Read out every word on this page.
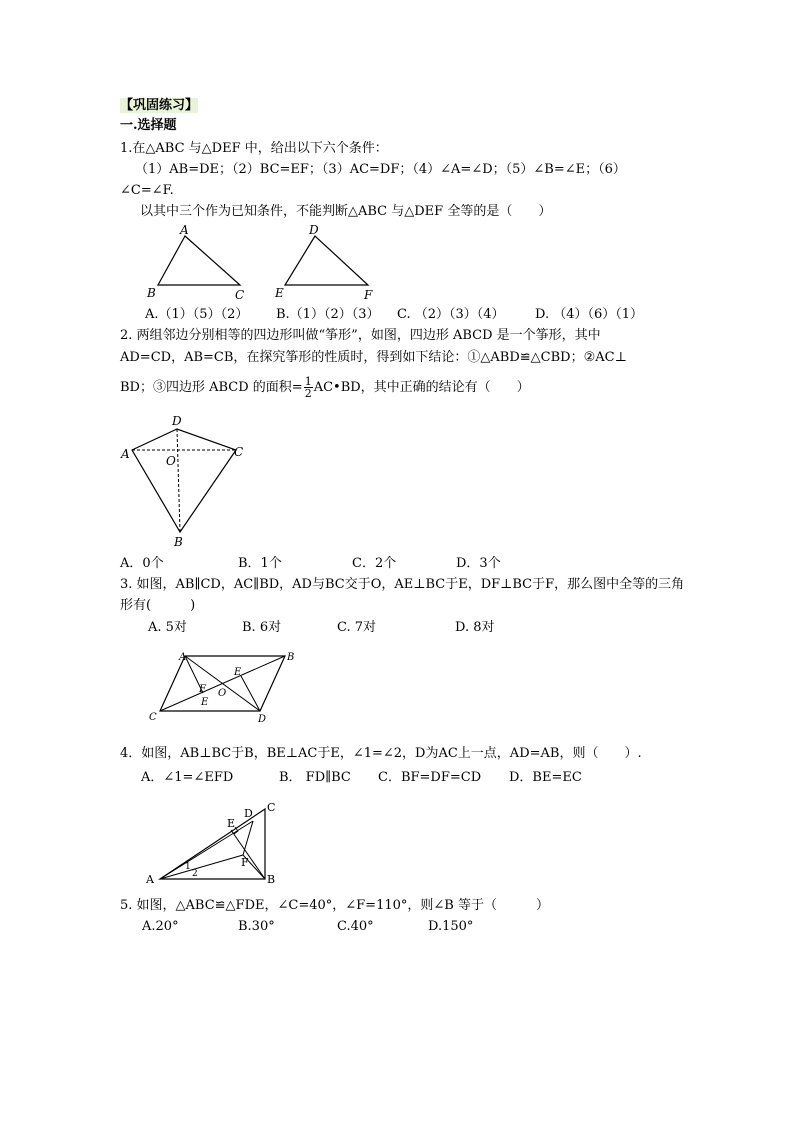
【巩固练习】
一.选择题
1.在△ABC 与△DEF 中，给出以下六个条件：
（1）AB=DE；（2）BC=EF；（3）AC=DF；（4）∠A=∠D；（5）∠B=∠E；（6）
∠C=∠F.
以其中三个作为已知条件，不能判断△ABC 与△DEF 全等的是（　　）
A
B	C
D
E	F
A.（1）（5）（2） B.（1）（2）（3） C. （2）（3）（4） D. （4）（6）（1）
2. 两组邻边分别相等的四边形叫做“筝形”，如图，四边形 ABCD 是一个筝形，其中
AD=CD，AB=CB，在探究筝形的性质时，得到如下结论：①△ABD≌△CBD；②AC⊥
BD；③四边形 ABCD 的面积= $\frac{1}{2}$ AC•BD，其中正确的结论有（　　）
D
A	O
C
B
A．0个	B．1个	C．2个	D．3个
3. 如图，AB∥CD，AC∥BD，AD与BC交于O，AE⊥BC于E，DF⊥BC于F，那么图中全等的三角
形有(　　　)
A. 5对	B. 6对	C. 7对	D. 8对
A	B
E
F O
E
C	D
4．如图，AB⊥BC于B，BE⊥AC于E，∠1=∠2，D为AC上一点，AD=AB，则（　　）.
A．∠1=∠EFD	B． FD∥BC C．BF=DF=CD D．BE=EC
C
D
E
F
1
2
A	B
5. 如图，△ABC≌△FDE，∠C=40°，∠F=110°，则∠B 等于（　　　）
A.20°	B.30°	C.40°	D.150°
